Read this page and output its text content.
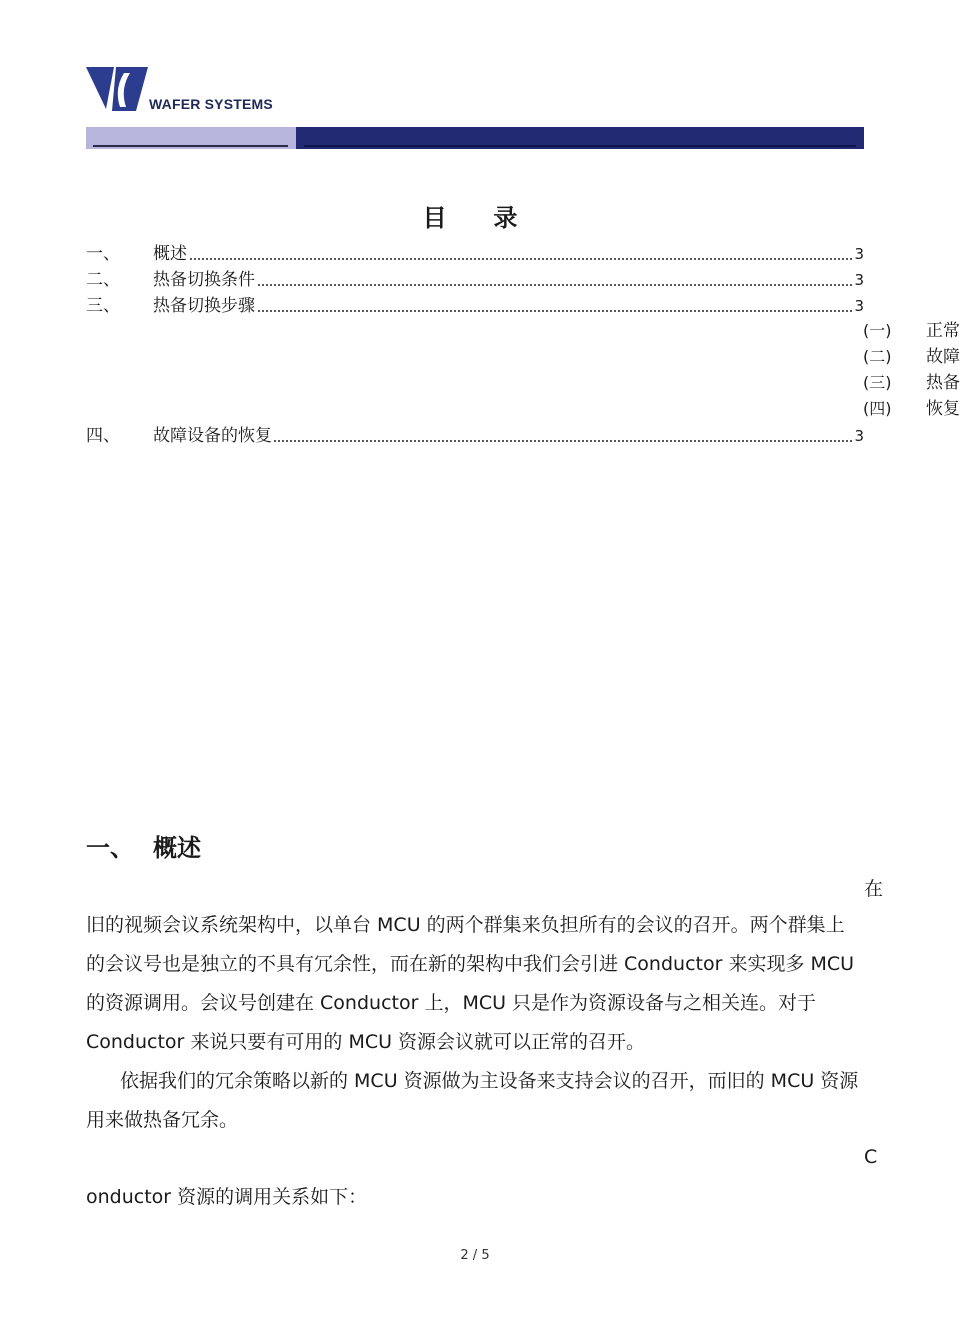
WAFER SYSTEMS
目  录
一、 概述	3
二、 热备切换条件	3
三、 热备切换步骤	3
(一) 正常
(二) 故障
(三) 热备
(四) 恢复
四、 故障设备的恢复	3
一、 概述
在
旧的视频会议系统架构中，以单台 MCU 的两个群集来负担所有的会议的召开。两个群集上
的会议号也是独立的不具有冗余性，而在新的架构中我们会引进 Conductor 来实现多 MCU
的资源调用。会议号创建在 Conductor 上，MCU 只是作为资源设备与之相关连。对于
Conductor 来说只要有可用的 MCU 资源会议就可以正常的召开。
依据我们的冗余策略以新的 MCU 资源做为主设备来支持会议的召开，而旧的 MCU 资源
用来做热备冗余。
C
onductor 资源的调用关系如下：
2 / 5
